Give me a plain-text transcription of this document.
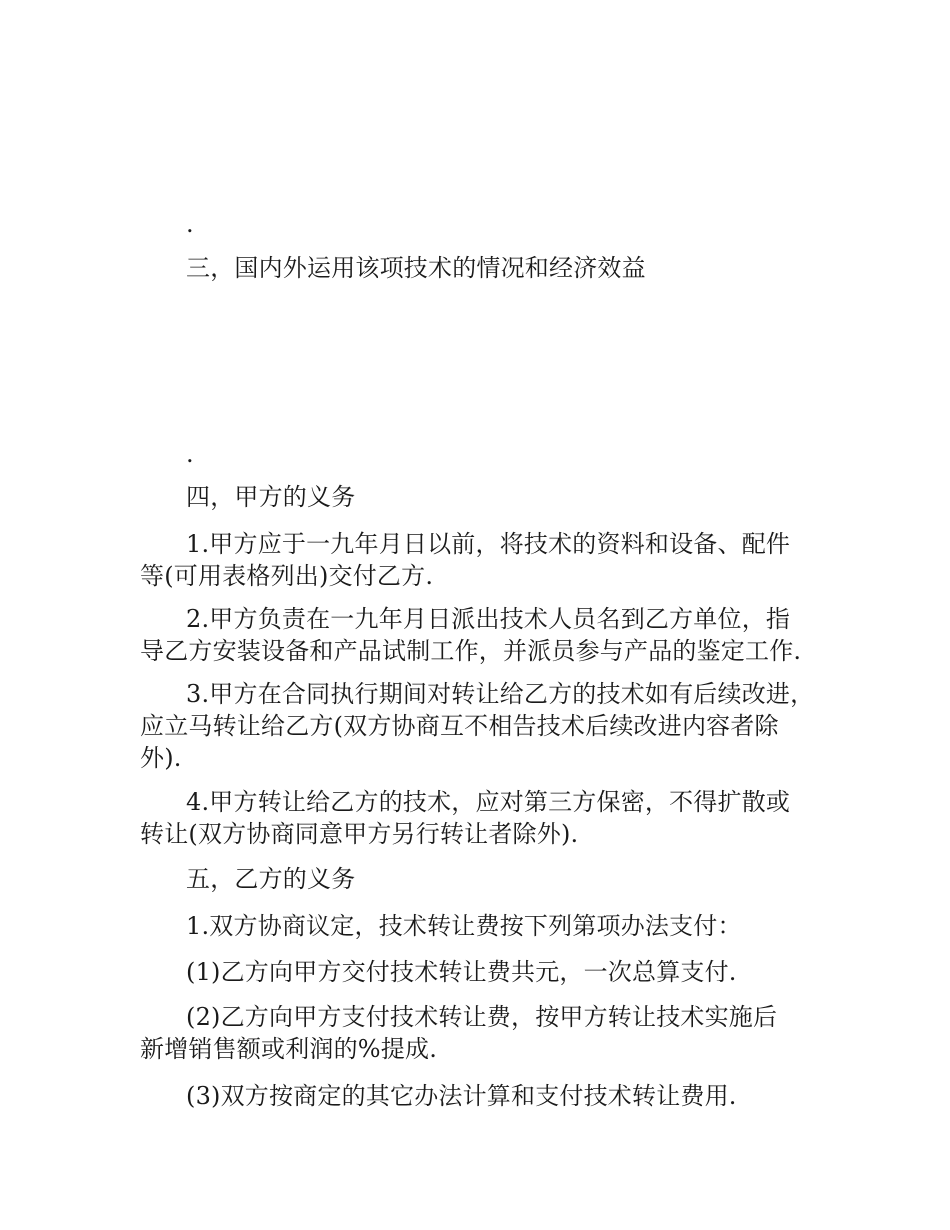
.
三，国内外运用该项技术的情况和经济效益
.
四，甲方的义务
1.甲方应于一九年月日以前，将技术的资料和设备、配件
等(可用表格列出)交付乙方.
2.甲方负责在一九年月日派出技术人员名到乙方单位，指
导乙方安装设备和产品试制工作，并派员参与产品的鉴定工作.
3.甲方在合同执行期间对转让给乙方的技术如有后续改进，
应立马转让给乙方(双方协商互不相告技术后续改进内容者除
外).
4.甲方转让给乙方的技术，应对第三方保密，不得扩散或
转让(双方协商同意甲方另行转让者除外).
五，乙方的义务
1.双方协商议定，技术转让费按下列第项办法支付：
(1)乙方向甲方交付技术转让费共元，一次总算支付.
(2)乙方向甲方支付技术转让费，按甲方转让技术实施后
新增销售额或利润的%提成.
(3)双方按商定的其它办法计算和支付技术转让费用.
